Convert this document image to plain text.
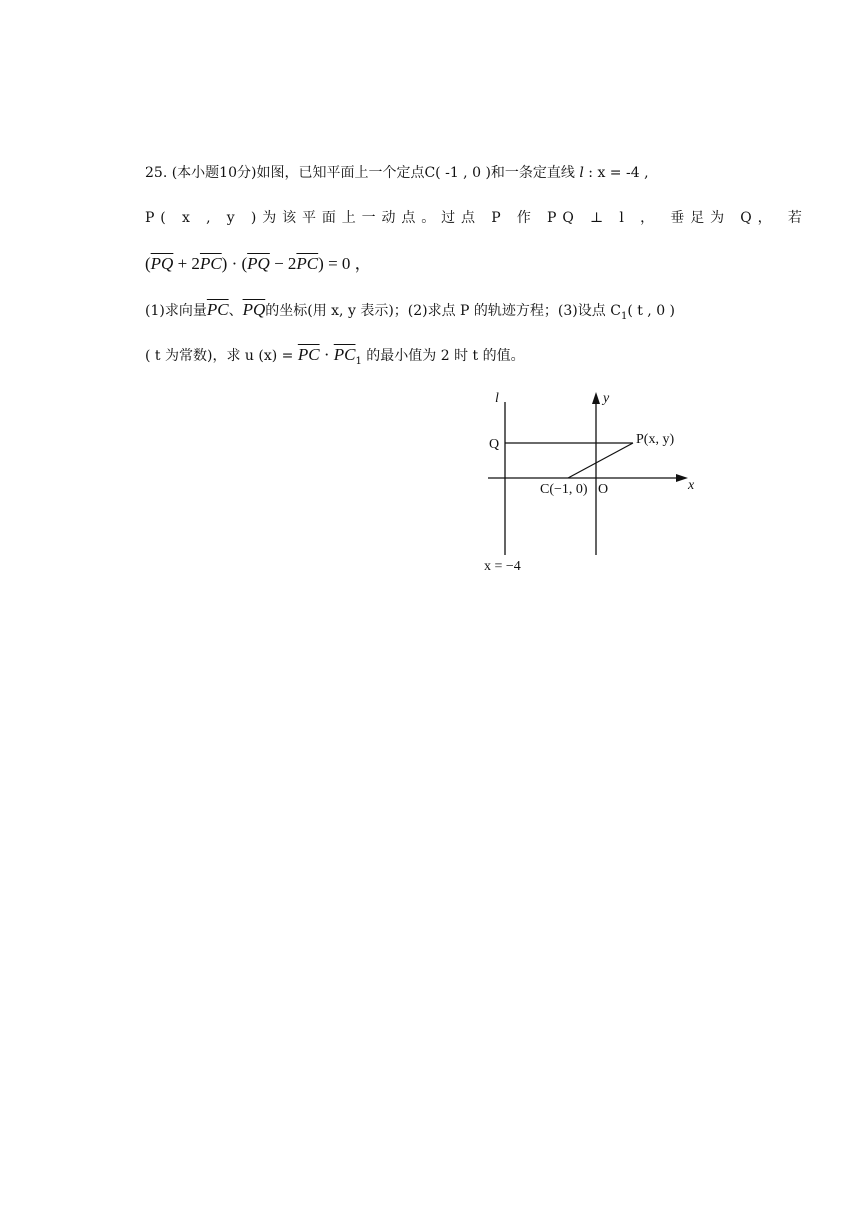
25. (本小题10分)如图，已知平面上一个定点C( -1 , 0 )和一条定直线 l : x = -4 ,
P( x , y )为该平面上一动点。过点 P 作 PQ ⊥ l ， 垂足为 Q， 若
$(\overline{PQ} + 2\overline{PC}) \cdot (\overline{PQ} - 2\overline{PC}) = 0$ ，
(1)求向量$\overline{PC}$、$\overline{PQ}$的坐标(用 x, y 表示)；(2)求点 P 的轨迹方程；(3)设点 $C_1$( t , 0 )
( t 为常数)，求 u $(x) = \overline{PC} \cdot \overline{PC}_1$ 的最小值为 2 时 t 的值。
l	y
x
Q	P(x, y)
C(−1, 0) O
x = −4
